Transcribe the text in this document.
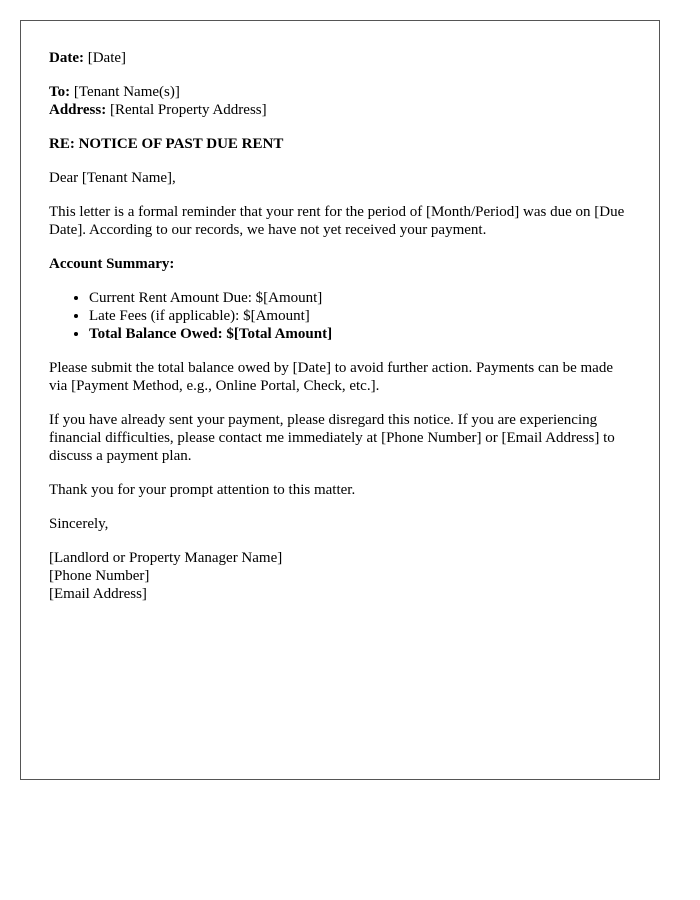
Date: [Date]

To: [Tenant Name(s)]
Address: [Rental Property Address]

RE: NOTICE OF PAST DUE RENT

Dear [Tenant Name],

This letter is a formal reminder that your rent for the period of [Month/Period] was due on [Due Date]. According to our records, we have not yet received your payment.

Account Summary:

• Current Rent Amount Due: $[Amount]
• Late Fees (if applicable): $[Amount]
• Total Balance Owed: $[Total Amount]

Please submit the total balance owed by [Date] to avoid further action. Payments can be made via [Payment Method, e.g., Online Portal, Check, etc.].

If you have already sent your payment, please disregard this notice. If you are experiencing financial difficulties, please contact me immediately at [Phone Number] or [Email Address] to discuss a payment plan.

Thank you for your prompt attention to this matter.

Sincerely,

[Landlord or Property Manager Name]
[Phone Number]
[Email Address]
